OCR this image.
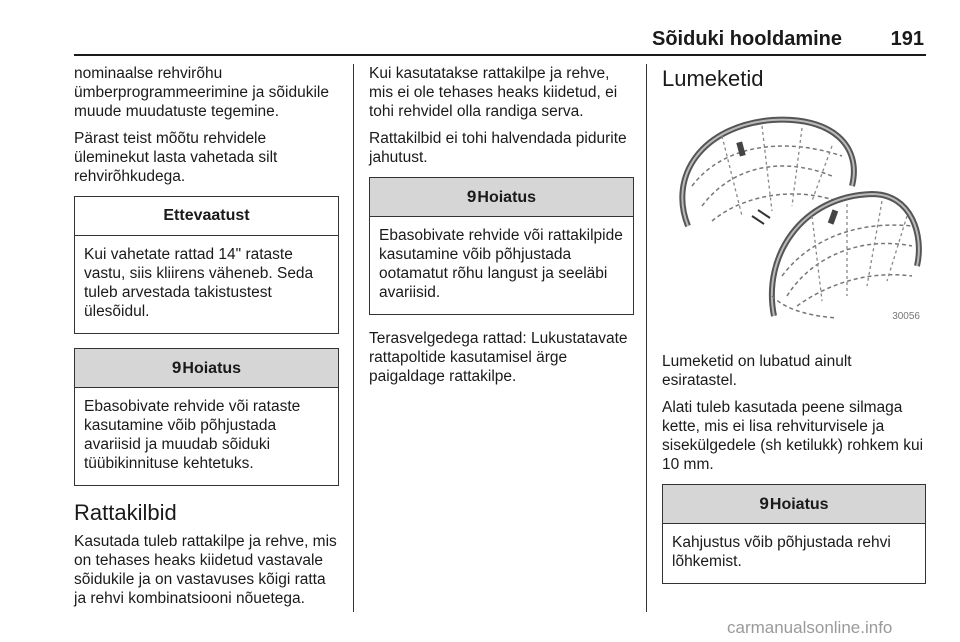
Sõiduki hooldamine 191

nominaalse rehvirõhu ümberprogrammeerimine ja sõidukile muude muudatuste tegemine.

Pärast teist mõõtu rehvidele üleminekut lasta vahetada silt rehvirõhkudega.

Ettevaatust
Kui vahetate rattad 14" rataste vastu, siis kliirens väheneb. Seda tuleb arvestada takistustest ülesõidul.
9Hoiatus
Ebasobivate rehvide või rataste kasutamine võib põhjustada avariisid ja muudab sõiduki tüübikinnituse kehtetuks.
Rattakilbid

Kasutada tuleb rattakilpe ja rehve, mis on tehases heaks kiidetud vastavale sõidukile ja on vastavuses kõigi ratta ja rehvi kombinatsiooni nõuetega.

Kui kasutatakse rattakilpe ja rehve, mis ei ole tehases heaks kiidetud, ei tohi rehvidel olla randiga serva.

Rattakilbid ei tohi halvendada pidurite jahutust.

9Hoiatus
Ebasobivate rehvide või rattakilpide kasutamine võib põhjustada ootamatut rõhu langust ja seeläbi avariisid.

Terasvelgedega rattad: Lukustatavate rattapoltide kasutamisel ärge paigaldage rattakilpe.

Lumeketid
30056

Lumeketid on lubatud ainult esiratastel.

Alati tuleb kasutada peene silmaga kette, mis ei lisa rehviturvisele ja sisekülgedele (sh ketilukk) rohkem kui 10 mm.

9Hoiatus
Kahjustus võib põhjustada rehvi lõhkemist.
carmanualsonline.info
